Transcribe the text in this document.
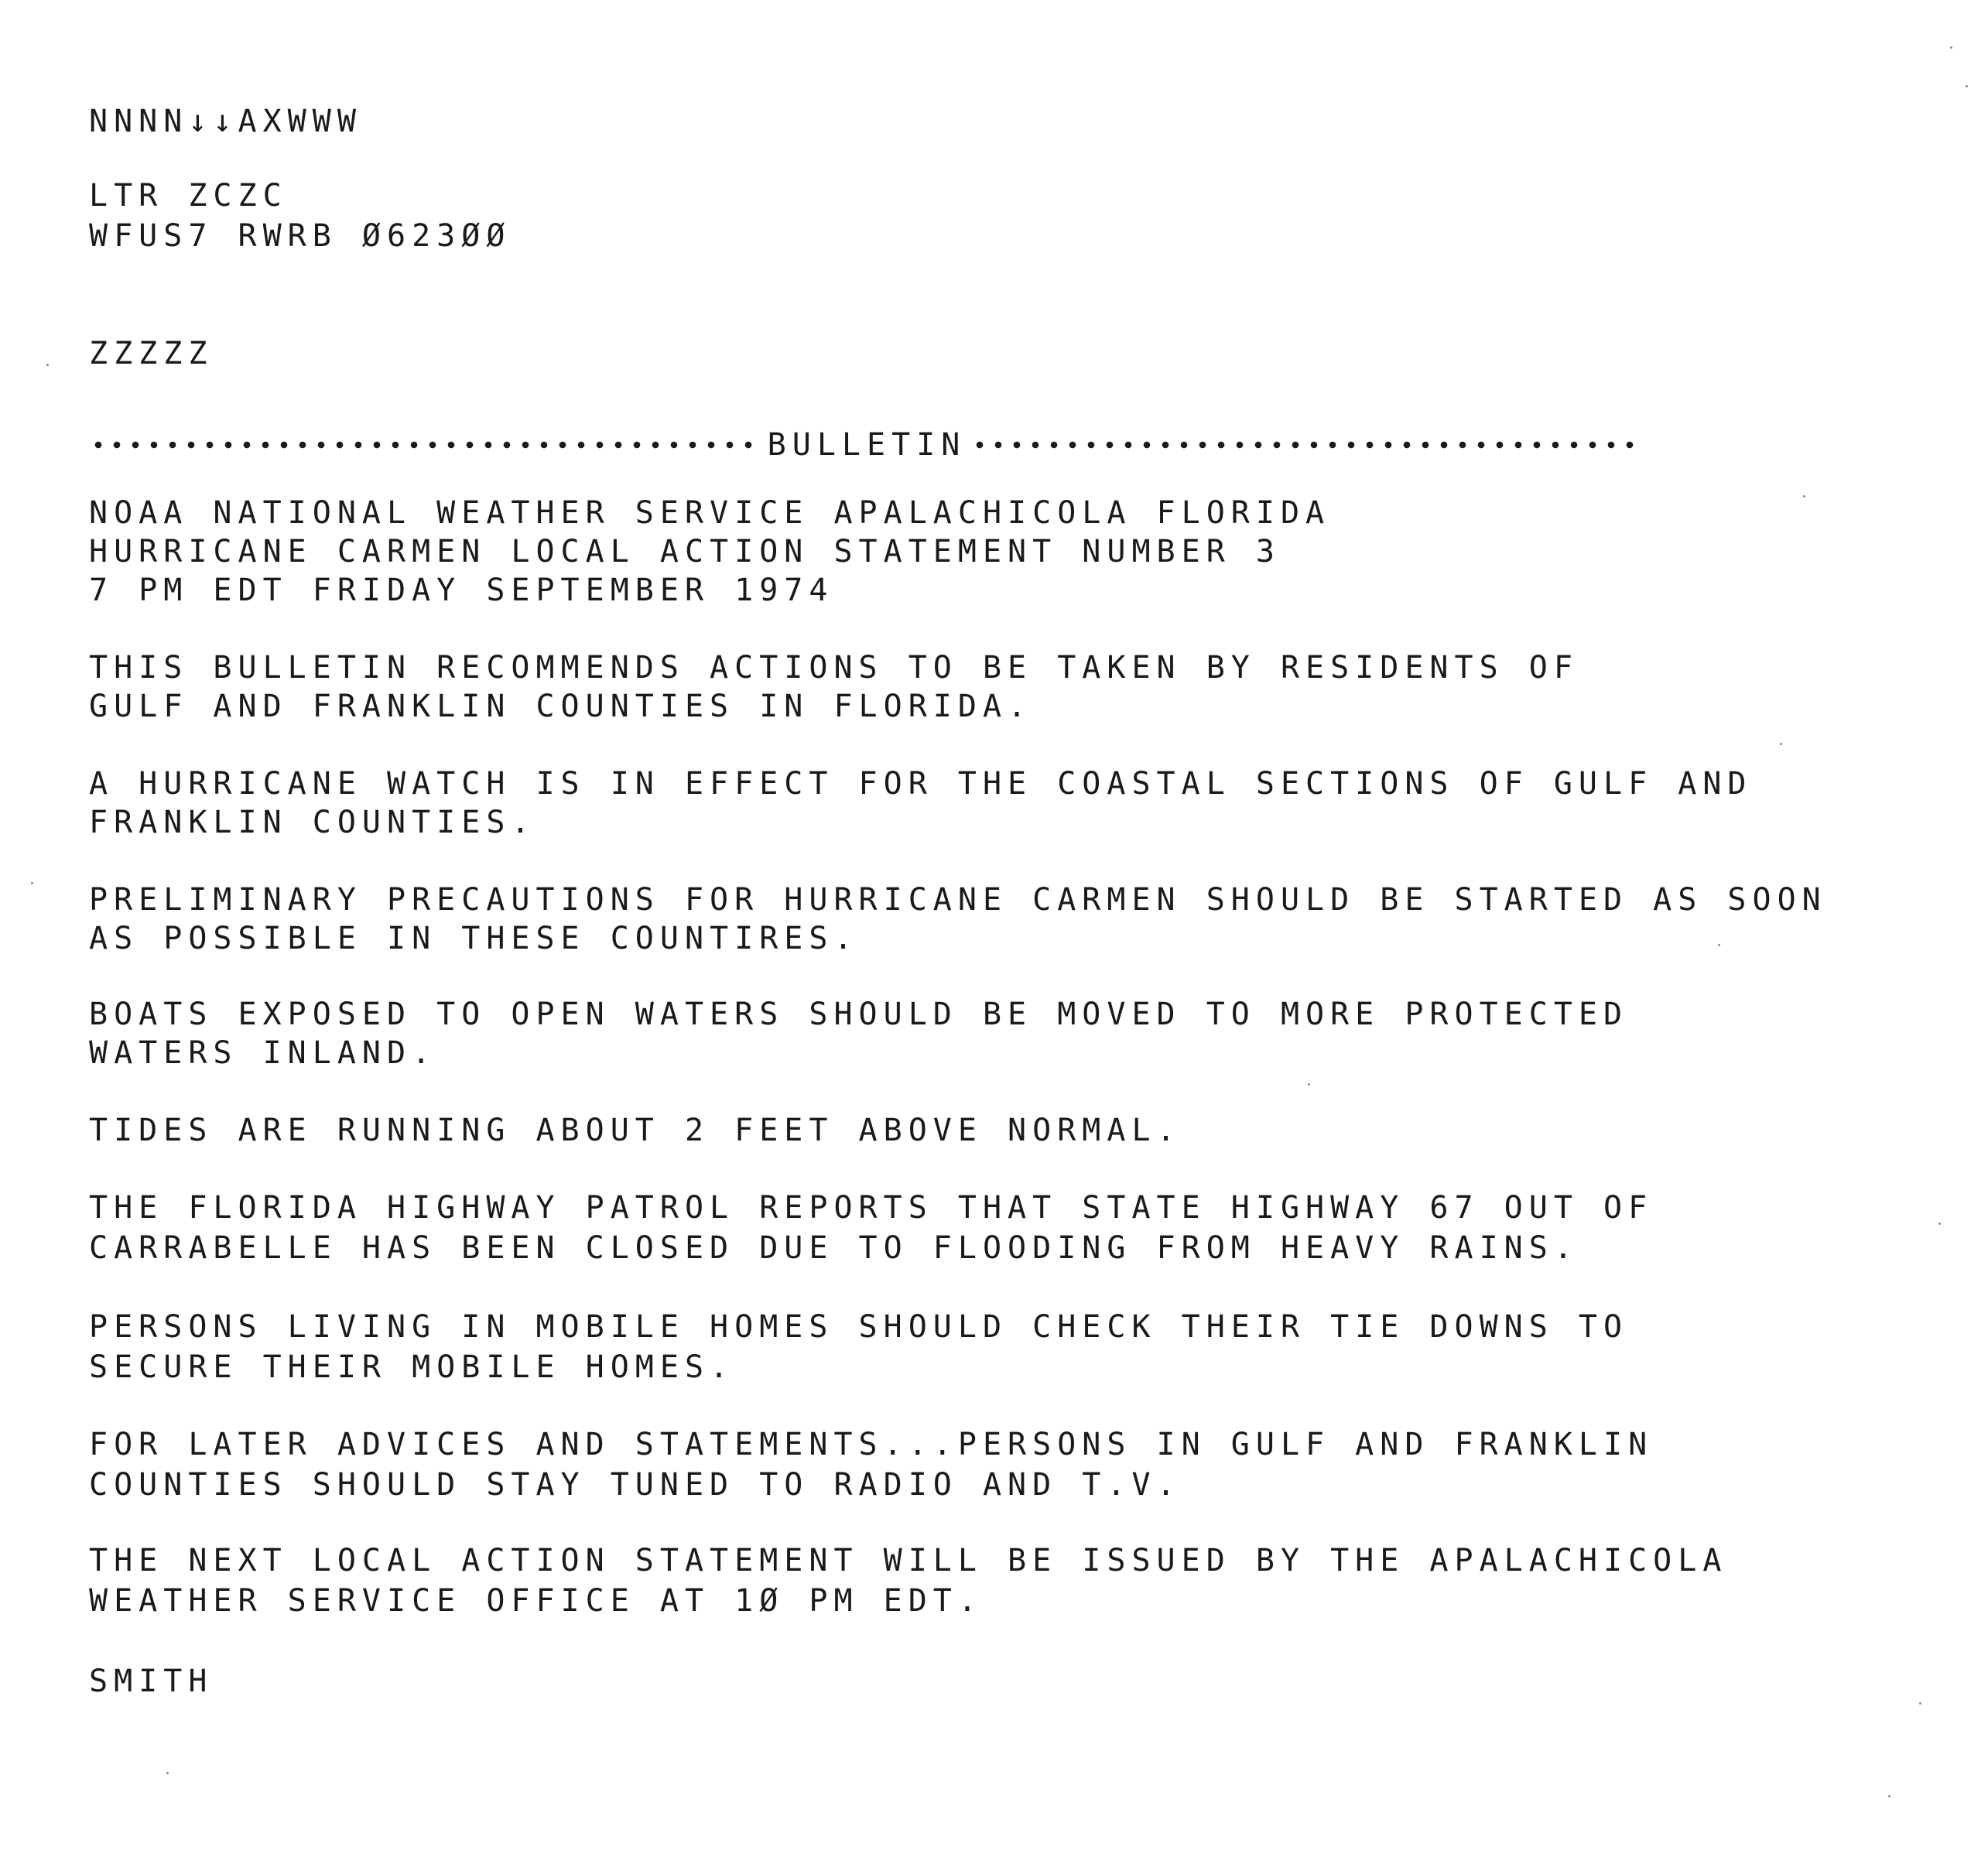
NNNN↓↓AXWWW
LTR ZCZC
WFUS7 RWRB Ø623ØØ
ZZZZZ
BULLETIN
NOAA NATIONAL WEATHER SERVICE APALACHICOLA FLORIDA
HURRICANE CARMEN LOCAL ACTION STATEMENT NUMBER 3
7 PM EDT FRIDAY SEPTEMBER 1974
THIS BULLETIN RECOMMENDS ACTIONS TO BE TAKEN BY RESIDENTS OF
GULF AND FRANKLIN COUNTIES IN FLORIDA.
A HURRICANE WATCH IS IN EFFECT FOR THE COASTAL SECTIONS OF GULF AND
FRANKLIN COUNTIES.
PRELIMINARY PRECAUTIONS FOR HURRICANE CARMEN SHOULD BE STARTED AS SOON
AS POSSIBLE IN THESE COUNTIRES.
BOATS EXPOSED TO OPEN WATERS SHOULD BE MOVED TO MORE PROTECTED
WATERS INLAND.
TIDES ARE RUNNING ABOUT 2 FEET ABOVE NORMAL.
THE FLORIDA HIGHWAY PATROL REPORTS THAT STATE HIGHWAY 67 OUT OF
CARRABELLE HAS BEEN CLOSED DUE TO FLOODING FROM HEAVY RAINS.
PERSONS LIVING IN MOBILE HOMES SHOULD CHECK THEIR TIE DOWNS TO
SECURE THEIR MOBILE HOMES.
FOR LATER ADVICES AND STATEMENTS...PERSONS IN GULF AND FRANKLIN
COUNTIES SHOULD STAY TUNED TO RADIO AND T.V.
THE NEXT LOCAL ACTION STATEMENT WILL BE ISSUED BY THE APALACHICOLA
WEATHER SERVICE OFFICE AT 1Ø PM EDT.
SMITH
